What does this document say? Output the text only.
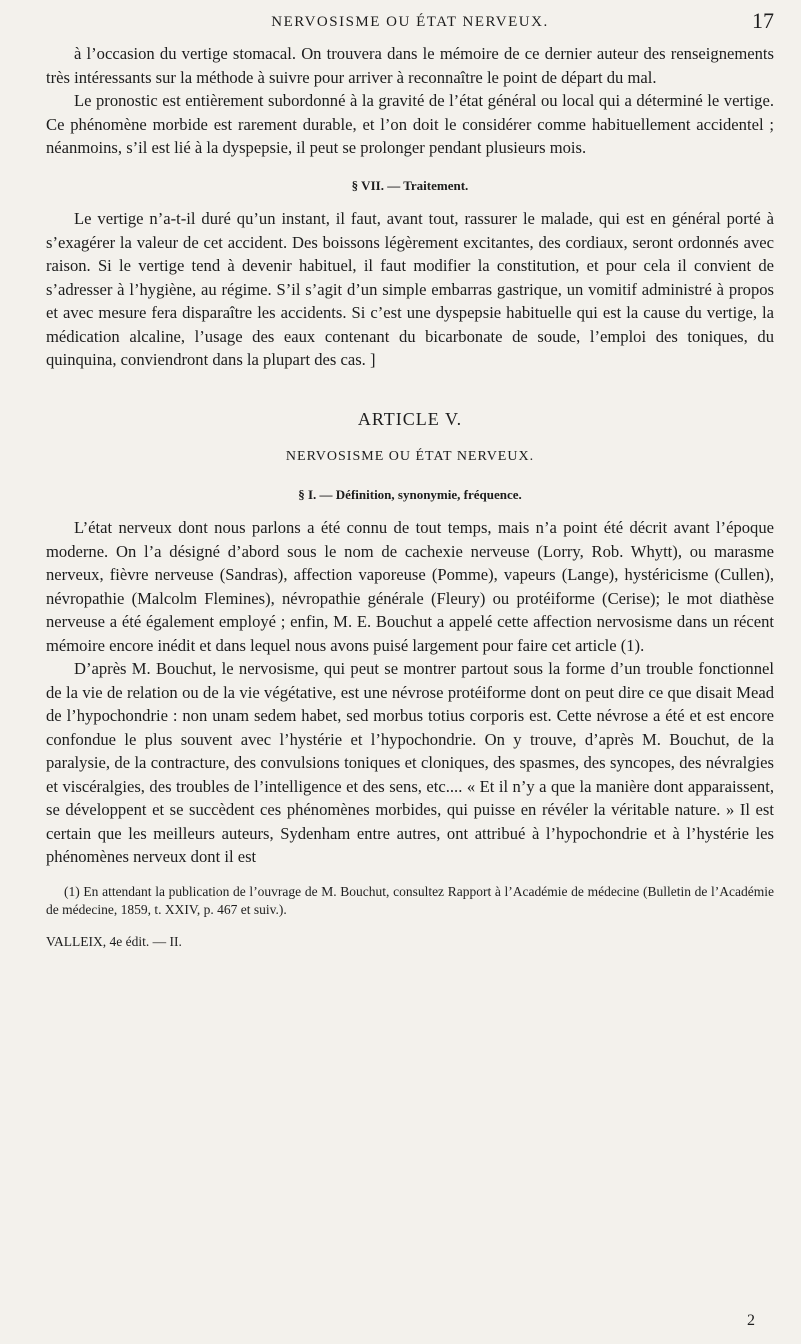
NERVOSISME OU ÉTAT NERVEUX.	17

à l’occasion du vertige stomacal. On trouvera dans le mémoire de ce dernier auteur des renseignements très intéressants sur la méthode à suivre pour arriver à reconnaître le point de départ du mal.

Le pronostic est entièrement subordonné à la gravité de l’état général ou local qui a déterminé le vertige. Ce phénomène morbide est rarement durable, et l’on doit le considérer comme habituellement accidentel ; néanmoins, s’il est lié à la dyspepsie, il peut se prolonger pendant plusieurs mois.

§ VII. — Traitement.

Le vertige n’a-t-il duré qu’un instant, il faut, avant tout, rassurer le malade, qui est en général porté à s’exagérer la valeur de cet accident. Des boissons légèrement excitantes, des cordiaux, seront ordonnés avec raison. Si le vertige tend à devenir habituel, il faut modifier la constitution, et pour cela il convient de s’adresser à l’hygiène, au régime. S’il s’agit d’un simple embarras gastrique, un vomitif administré à propos et avec mesure fera disparaître les accidents. Si c’est une dyspepsie habituelle qui est la cause du vertige, la médication alcaline, l’usage des eaux contenant du bicarbonate de soude, l’emploi des toniques, du quinquina, conviendront dans la plupart des cas. ]

ARTICLE V.

NERVOSISME OU ÉTAT NERVEUX.

§ I. — Définition, synonymie, fréquence.

L’état nerveux dont nous parlons a été connu de tout temps, mais n’a point été décrit avant l’époque moderne. On l’a désigné d’abord sous le nom de cachexie nerveuse (Lorry, Rob. Whytt), ou marasme nerveux, fièvre nerveuse (Sandras), affection vaporeuse (Pomme), vapeurs (Lange), hystéricisme (Cullen), névropathie (Malcolm Flemines), névropathie générale (Fleury) ou protéiforme (Cerise); le mot diathèse nerveuse a été également employé ; enfin, M. E. Bouchut a appelé cette affection nervosisme dans un récent mémoire encore inédit et dans lequel nous avons puisé largement pour faire cet article (1).

D’après M. Bouchut, le nervosisme, qui peut se montrer partout sous la forme d’un trouble fonctionnel de la vie de relation ou de la vie végétative, est une névrose protéiforme dont on peut dire ce que disait Mead de l’hypochondrie : non unam sedem habet, sed morbus totius corporis est. Cette névrose a été et est encore confondue le plus souvent avec l’hystérie et l’hypochondrie. On y trouve, d’après M. Bouchut, de la paralysie, de la contracture, des convulsions toniques et cloniques, des spasmes, des syncopes, des névralgies et viscéralgies, des troubles de l’intelligence et des sens, etc.... « Et il n’y a que la manière dont apparaissent, se développent et se succèdent ces phénomènes morbides, qui puisse en révéler la véritable nature. » Il est certain que les meilleurs auteurs, Sydenham entre autres, ont attribué à l’hypochondrie et à l’hystérie les phénomènes nerveux dont il est

(1) En attendant la publication de l’ouvrage de M. Bouchut, consultez Rapport à l’Académie de médecine (Bulletin de l’Académie de médecine, 1859, t. XXIV, p. 467 et suiv.).

VALLEIX, 4e édit. — II.

2
